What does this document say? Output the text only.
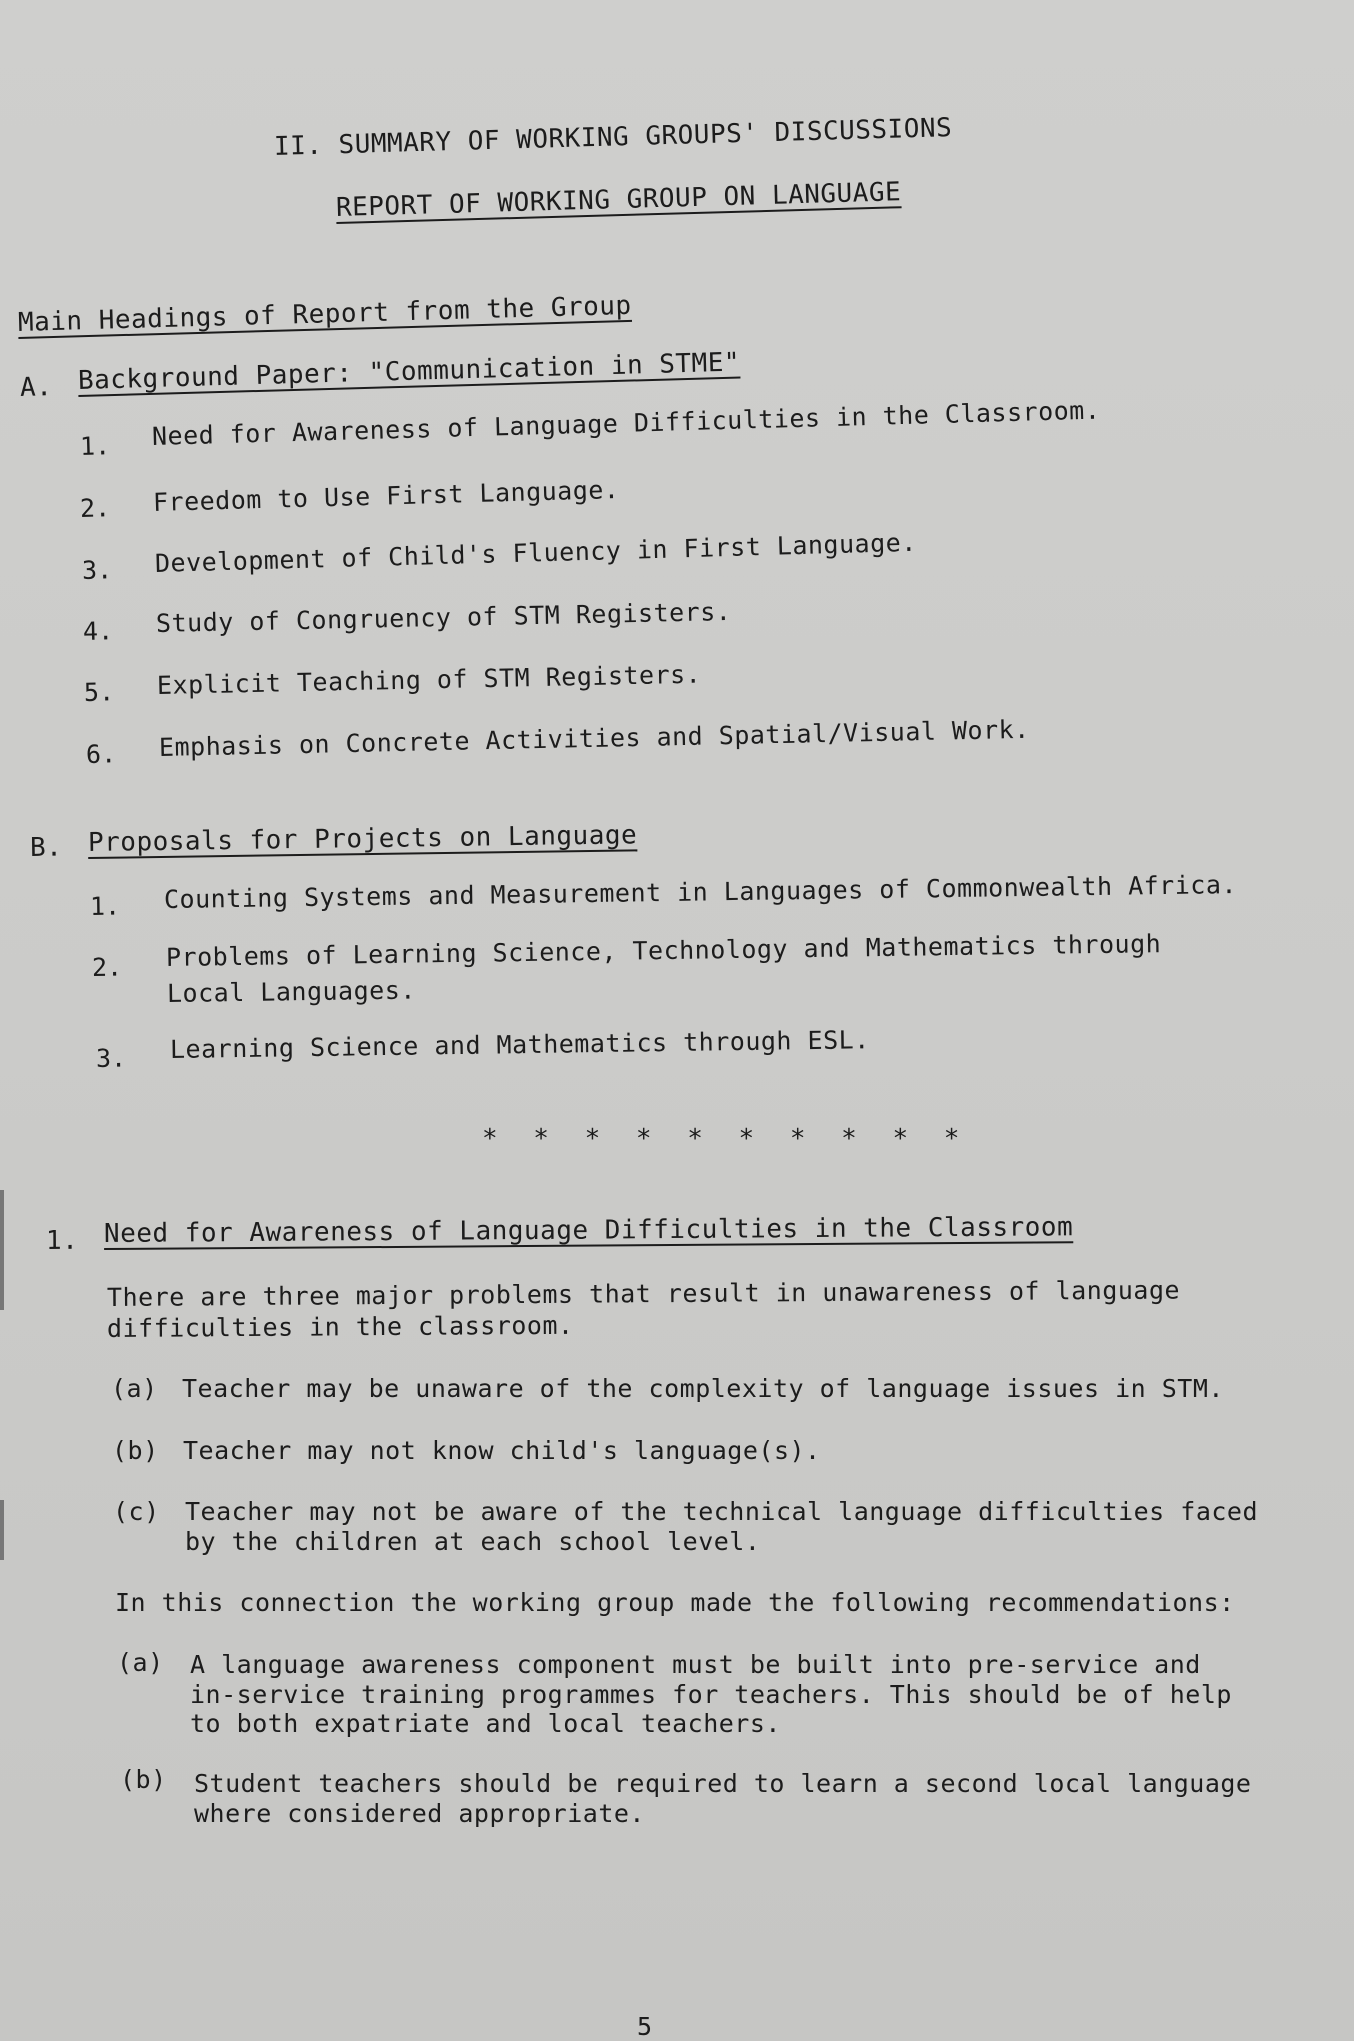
II. SUMMARY OF WORKING GROUPS' DISCUSSIONS
REPORT OF WORKING GROUP ON LANGUAGE
Main Headings of Report from the Group
A. Background Paper: "Communication in STME"
1. Need for Awareness of Language Difficulties in the Classroom.
2. Freedom to Use First Language.
3. Development of Child's Fluency in First Language.
4. Study of Congruency of STM Registers.
5. Explicit Teaching of STM Registers.
6. Emphasis on Concrete Activities and Spatial/Visual Work.
B. Proposals for Projects on Language
1. Counting Systems and Measurement in Languages of Commonwealth Africa.
2. Problems of Learning Science, Technology and Mathematics through
Local Languages.
3. Learning Science and Mathematics through ESL.
* * * * * * * * * *
1. Need for Awareness of Language Difficulties in the Classroom
There are three major problems that result in unawareness of language
difficulties in the classroom.
(a) Teacher may be unaware of the complexity of language issues in STM.
(b) Teacher may not know child's language(s).
(c) Teacher may not be aware of the technical language difficulties faced
by the children at each school level.
In this connection the working group made the following recommendations:
(a) A language awareness component must be built into pre-service and
in-service training programmes for teachers. This should be of help
to both expatriate and local teachers.
(b) Student teachers should be required to learn a second local language
where considered appropriate.
5
